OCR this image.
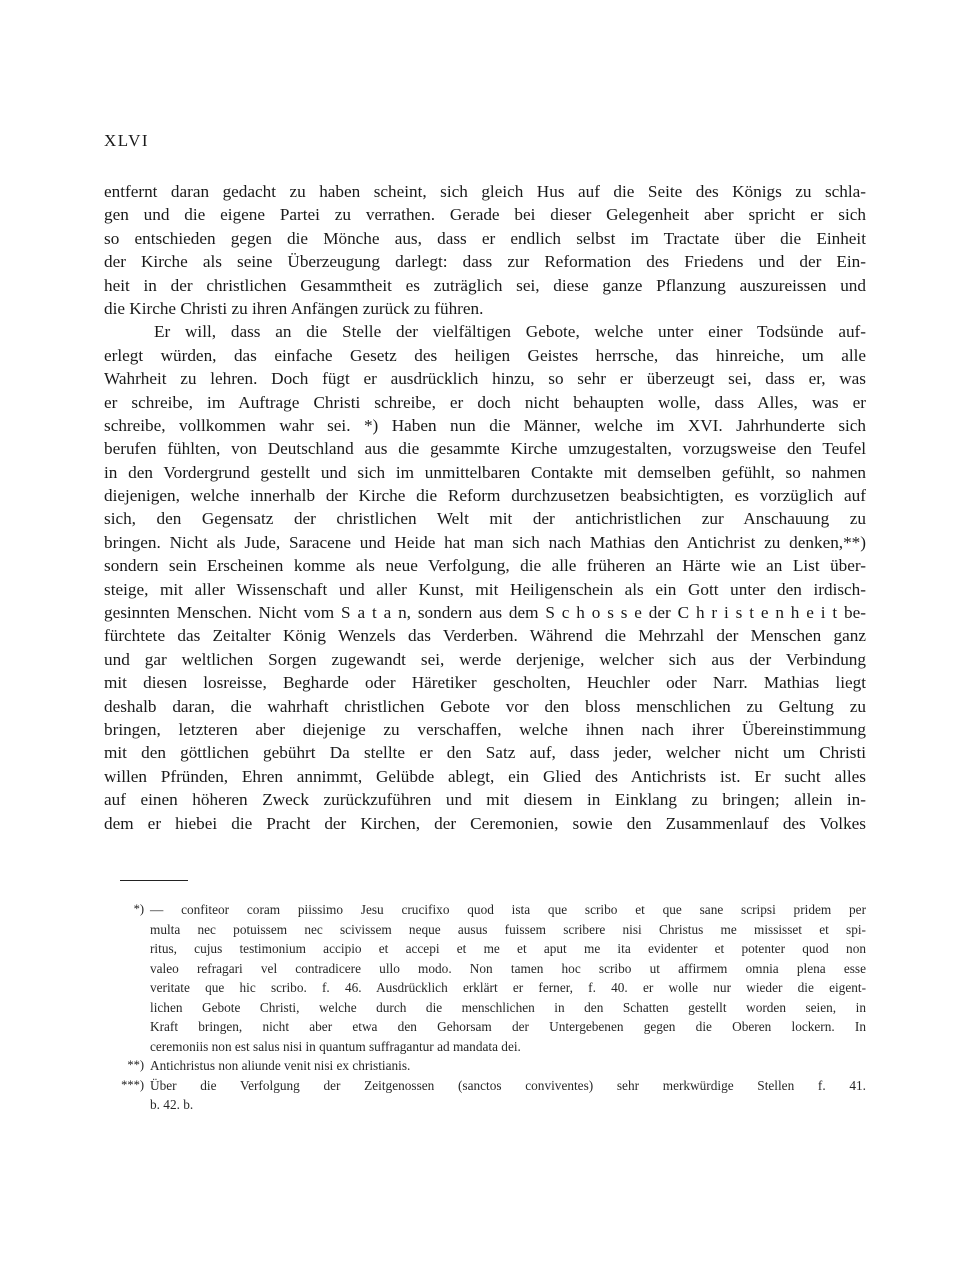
XLVI
entfernt daran gedacht zu haben scheint, sich gleich Hus auf die Seite des Königs zu schla-
gen und die eigene Partei zu verrathen. Gerade bei dieser Gelegenheit aber spricht er sich
so entschieden gegen die Mönche aus, dass er endlich selbst im Tractate über die Einheit
der Kirche als seine Überzeugung darlegt: dass zur Reformation des Friedens und der Ein-
heit in der christlichen Gesammtheit es zuträglich sei, diese ganze Pflanzung auszureissen und
die Kirche Christi zu ihren Anfängen zurück zu führen.
Er will, dass an die Stelle der vielfältigen Gebote, welche unter einer Todsünde auf-
erlegt würden, das einfache Gesetz des heiligen Geistes herrsche, das hinreiche, um alle
Wahrheit zu lehren. Doch fügt er ausdrücklich hinzu, so sehr er überzeugt sei, dass er, was
er schreibe, im Auftrage Christi schreibe, er doch nicht behaupten wolle, dass Alles, was er
schreibe, vollkommen wahr sei. *) Haben nun die Männer, welche im XVI. Jahrhunderte sich
berufen fühlten, von Deutschland aus die gesammte Kirche umzugestalten, vorzugsweise den Teufel
in den Vordergrund gestellt und sich im unmittelbaren Contakte mit demselben gefühlt, so nahmen
diejenigen, welche innerhalb der Kirche die Reform durchzusetzen beabsichtigten, es vorzüglich auf
sich, den Gegensatz der christlichen Welt mit der antichristlichen zur Anschauung zu
bringen. Nicht als Jude, Saracene und Heide hat man sich nach Mathias den Antichrist zu denken,**)
sondern sein Erscheinen komme als neue Verfolgung, die alle früheren an Härte wie an List über-
steige, mit aller Wissenschaft und aller Kunst, mit Heiligenschein als ein Gott unter den irdisch-
gesinnten Menschen. Nicht vom S a t a n, sondern aus dem S c h o s s e der C h r i s t e n h e i t be-
fürchtete das Zeitalter König Wenzels das Verderben. Während die Mehrzahl der Menschen ganz
und gar weltlichen Sorgen zugewandt sei, werde derjenige, welcher sich aus der Verbindung
mit diesen losreisse, Begharde oder Häretiker gescholten, Heuchler oder Narr. Mathias liegt
deshalb daran, die wahrhaft christlichen Gebote vor den bloss menschlichen zu Geltung zu
bringen, letzteren aber diejenige zu verschaffen, welche ihnen nach ihrer Übereinstimmung
mit den göttlichen gebührt Da stellte er den Satz auf, dass jeder, welcher nicht um Christi
willen Pfründen, Ehren annimmt, Gelübde ablegt, ein Glied des Antichrists ist. Er sucht alles
auf einen höheren Zweck zurückzuführen und mit diesem in Einklang zu bringen; allein in-
dem er hiebei die Pracht der Kirchen, der Ceremonien, sowie den Zusammenlauf des Volkes
*) — confiteor coram piissimo Jesu crucifixo quod ista que scribo et que sane scripsi pridem per
multa nec potuissem nec scivissem neque ausus fuissem scribere nisi Christus me mississet et spi-
ritus, cujus testimonium accipio et accepi et me et aput me ita evidenter et potenter quod non
valeo refragari vel contradicere ullo modo. Non tamen hoc scribo ut affirmem omnia plena esse
veritate que hic scribo. f. 46. Ausdrücklich erklärt er ferner, f. 40. er wolle nur wieder die eigent-
lichen Gebote Christi, welche durch die menschlichen in den Schatten gestellt worden seien, in
Kraft bringen, nicht aber etwa den Gehorsam der Untergebenen gegen die Oberen lockern. In
ceremoniis non est salus nisi in quantum suffragantur ad mandata dei.
**) Antichristus non aliunde venit nisi ex christianis.
***) Über die Verfolgung der Zeitgenossen (sanctos conviventes) sehr merkwürdige Stellen f. 41.
b. 42. b.
